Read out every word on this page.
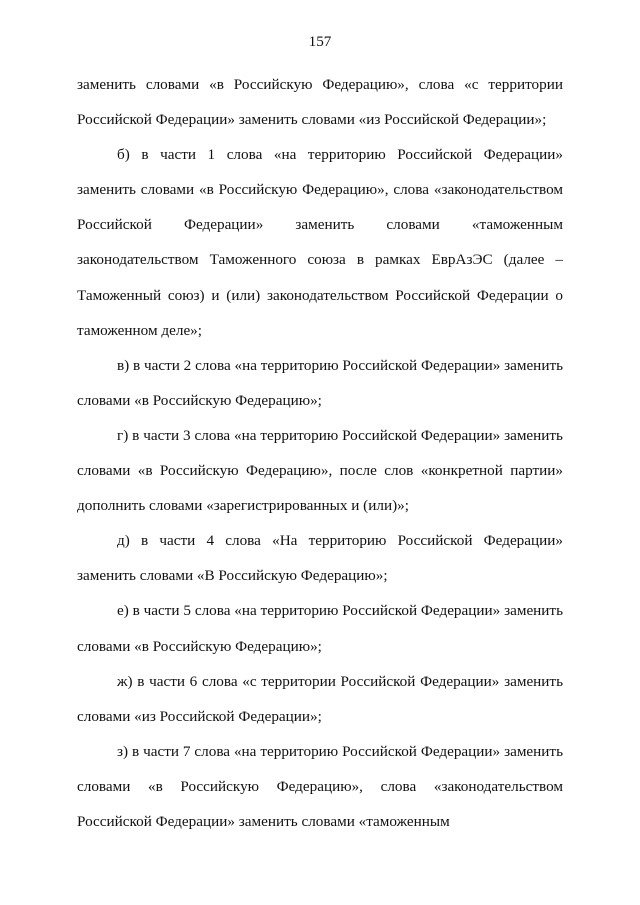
157

заменить словами «в Российскую Федерацию», слова «с территории Российской Федерации» заменить словами «из Российской Федерации»;

б) в части 1 слова «на территорию Российской Федерации» заменить словами «в Российскую Федерацию», слова «законодательством Российской Федерации» заменить словами «таможенным законодательством Таможенного союза в рамках ЕврАзЭС (далее – Таможенный союз) и (или) законодательством Российской Федерации о таможенном деле»;

в) в части 2 слова «на территорию Российской Федерации» заменить словами «в Российскую Федерацию»;

г) в части 3 слова «на территорию Российской Федерации» заменить словами «в Российскую Федерацию», после слов «конкретной партии» дополнить словами «зарегистрированных и (или)»;

д) в части 4 слова «На территорию Российской Федерации» заменить словами «В Российскую Федерацию»;

е) в части 5 слова «на территорию Российской Федерации» заменить словами «в Российскую Федерацию»;

ж) в части 6 слова «с территории Российской Федерации» заменить словами «из Российской Федерации»;

з) в части 7 слова «на территорию Российской Федерации» заменить словами «в Российскую Федерацию», слова «законодательством Российской Федерации» заменить словами «таможенным
